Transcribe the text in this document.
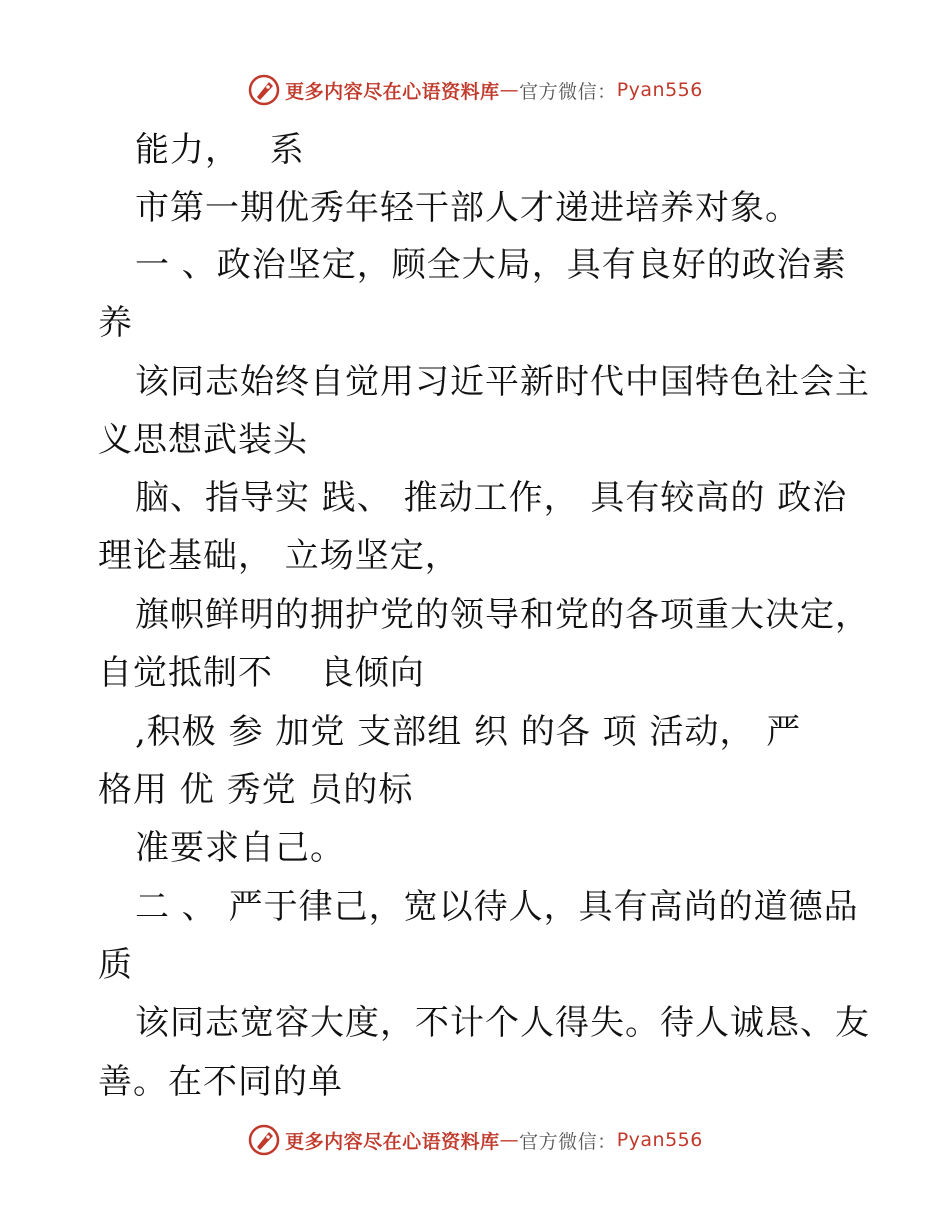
更多内容尽在心语资料库 — 官方微信： Pyan556
能力，　 系
市第一期优秀年轻干部人才递进培养对象。
一 、政治坚定，顾全大局，具有良好的政治素
养
该同志始终自觉用习近平新时代中国特色社会主
义思想武装头
脑、指导实 践、 推动工作， 具有较高的 政治
理论基础， 立场坚定，
旗帜鲜明的拥护党的领导和党的各项重大决定，
自觉抵制不　 良倾向
,积极 参 加党 支部组 织 的各 项 活动， 严
格用 优 秀党 员的标
准要求自己。
二 、 严于律己，宽以待人，具有高尚的道德品
质
该同志宽容大度，不计个人得失。待人诚恳、友
善。在不同的单
更多内容尽在心语资料库 — 官方微信： Pyan556
